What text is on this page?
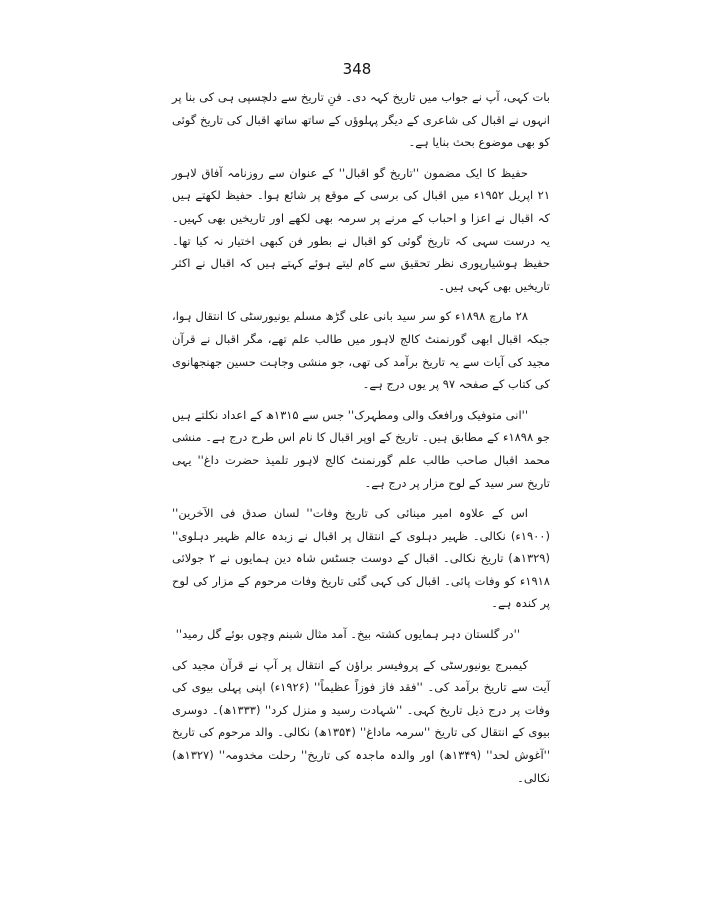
348

بات کہی، آپ نے جواب میں تاریخ کہہ دی۔ فنِ تاریخ سے دلچسپی ہی کی بنا پر انہوں نے اقبال کی شاعری کے دیگر پہلوؤں کے ساتھ ساتھ اقبال کی تاریخ گوئی کو بھی موضوع بحث بنایا ہے۔

حفیظ کا ایک مضمون ''تاریخ گو اقبال'' کے عنوان سے روزنامہ آفاق لاہور ۲۱ اپریل ۱۹۵۲ء میں اقبال کی برسی کے موقع پر شائع ہوا۔ حفیظ لکھتے ہیں کہ اقبال نے اعزا و احباب کے مرنے پر سرمہ بھی لکھے اور تاریخیں بھی کہیں۔ یہ درست سہی کہ تاریخ گوئی کو اقبال نے بطور فن کبھی اختیار نہ کیا تھا۔ حفیظ ہوشیارپوری نظر تحقیق سے کام لیتے ہوئے کہتے ہیں کہ اقبال نے اکثر تاریخیں بھی کہی ہیں۔

۲۸ مارچ ۱۸۹۸ء کو سر سید بانی علی گڑھ مسلم یونیورسٹی کا انتقال ہوا، جبکہ اقبال ابھی گورنمنٹ کالج لاہور میں طالب علم تھے، مگر اقبال نے قرآن مجید کی آیات سے یہ تاریخ برآمد کی تھی، جو منشی وجاہت حسین جھنجھانوی کی کتاب کے صفحہ ۹۷ پر یوں درج ہے۔

''انی متوفیک ورافعک والی ومطہرک'' جس سے ۱۳۱۵ھ کے اعداد نکلتے ہیں جو ۱۸۹۸ء کے مطابق ہیں۔ تاریخ کے اوپر اقبال کا نام اس طرح درج ہے۔ منشی محمد اقبال صاحب طالب علم گورنمنٹ کالج لاہور تلمیذ حضرت داغ'' یہی تاریخ سر سید کے لوح مزار پر درج ہے۔

اس کے علاوہ امیر مینائی کی تاریخ وفات'' لسان صدق فی الآخرین'' (۱۹۰۰ء) نکالی۔ ظہیر دہلوی کے انتقال پر اقبال نے زبدہ عالم ظہیر دہلوی'' (۱۳۲۹ھ) تاریخ نکالی۔ اقبال کے دوست جسٹس شاہ دین ہمایوں نے ۲ جولائی ۱۹۱۸ء کو وفات پائی۔ اقبال کی کہی گئی تاریخ وفات مرحوم کے مزار کی لوح پر کندہ ہے۔

''در گلستان دہر ہمایوں کشتہ بیخ۔ آمد مثال شبنم وچوں بوئے گل رمید''

کیمبرج یونیورسٹی کے پروفیسر براؤن کے انتقال پر آپ نے قرآن مجید کی آیت سے تاریخ برآمد کی۔ ''فقد فاز فوزاً عظیماً'' (۱۹۲۶ء) اپنی پہلی بیوی کی وفات پر درج ذیل تاریخ کہی۔ ''شہادت رسید و منزل کرد'' (۱۳۳۳ھ)۔ دوسری بیوی کے انتقال کی تاریخ ''سرمہ ماداغ'' (۱۳۵۴ھ) نکالی۔ والد مرحوم کی تاریخ ''آغوش لحد'' (۱۳۴۹ھ) اور والدہ ماجدہ کی تاریخ'' رحلت مخدومہ'' (۱۳۲۷ھ) نکالی۔
